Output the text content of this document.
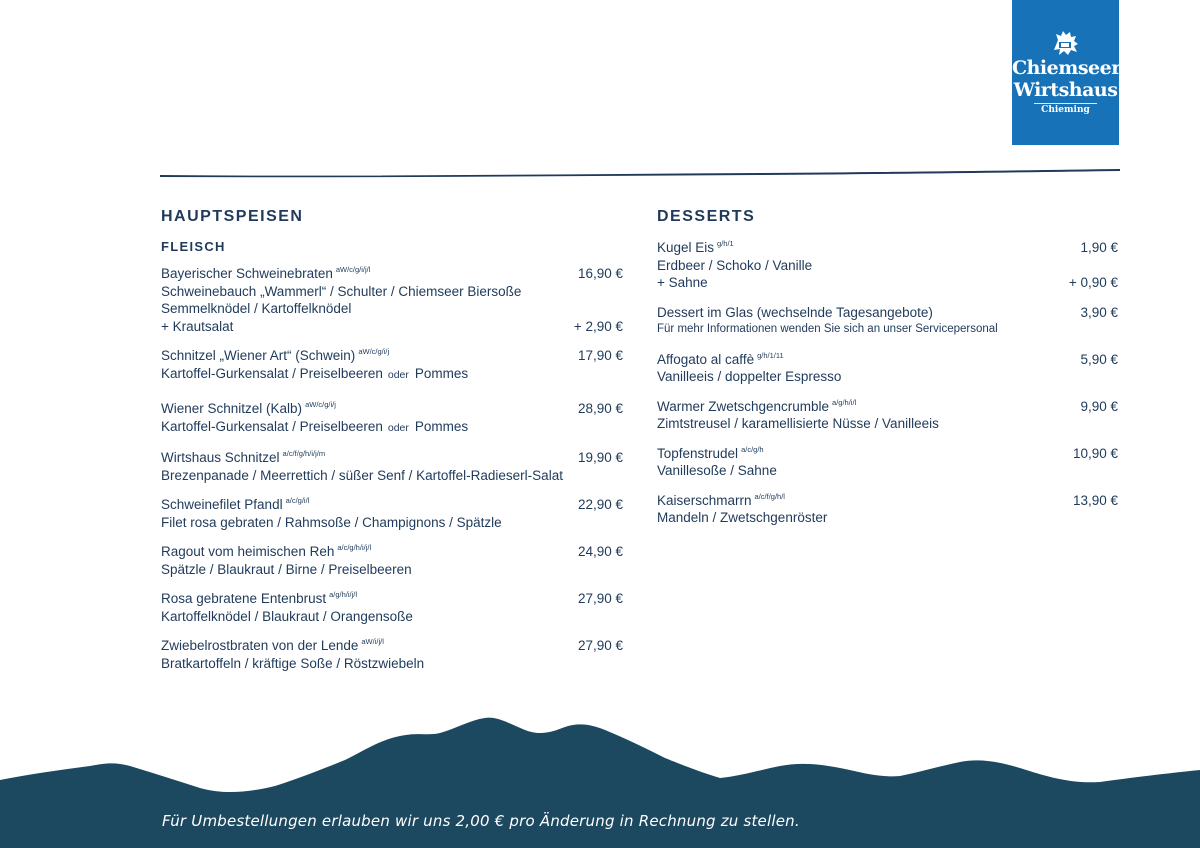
Chiemseer
Wirtshaus
Chieming
HAUPTSPEISEN
FLEISCH
Bayerischer Schweinebraten $^{aW/c/g/i/j/l}$	16,90 €
Schweinebauch „Wammerl“ / Schulter / Chiemseer Biersoße
Semmelknödel / Kartoffelknödel
+ Krautsalat	+ 2,90 €
Schnitzel „Wiener Art“ (Schwein) $^{aW/c/g/i/j}$	17,90 €
Kartoffel-Gurkensalat / Preiselbeeren oder Pommes
Wiener Schnitzel (Kalb) $^{aW/c/g/i/j}$	28,90 €
Kartoffel-Gurkensalat / Preiselbeeren oder Pommes
Wirtshaus Schnitzel $^{a/c/f/g/h/i/j/m}$	19,90 €
Brezenpanade / Meerrettich / süßer Senf / Kartoffel-Radieserl-Salat
Schweinefilet Pfandl $^{a/c/g/i/l}$	22,90 €
Filet rosa gebraten / Rahmsoße / Champignons / Spätzle
Ragout vom heimischen Reh $^{a/c/g/h/i/j/l}$	24,90 €
Spätzle / Blaukraut / Birne / Preiselbeeren
Rosa gebratene Entenbrust $^{a/g/h/i/j/l}$	27,90 €
Kartoffelknödel / Blaukraut / Orangensoße
Zwiebelrostbraten von der Lende $^{aW/i/j/l}$	27,90 €
Bratkartoffeln / kräftige Soße / Röstzwiebeln
DESSERTS
Kugel Eis $^{g/h/1}$	1,90 €
Erdbeer / Schoko / Vanille
+ Sahne	+ 0,90 €
Dessert im Glas (wechselnde Tagesangebote)	3,90 €
Für mehr Informationen wenden Sie sich an unser Servicepersonal
Affogato al caffè $^{g/h/1/11}$	5,90 €
Vanilleeis / doppelter Espresso
Warmer Zwetschgencrumble $^{a/g/h/i/l}$	9,90 €
Zimtstreusel / karamellisierte Nüsse / Vanilleeis
Topfenstrudel $^{a/c/g/h}$	10,90 €
Vanillesoße / Sahne
Kaiserschmarrn $^{a/c/f/g/h/l}$	13,90 €
Mandeln / Zwetschgenröster
Für Umbestellungen erlauben wir uns 2,00 € pro Änderung in Rechnung zu stellen.
